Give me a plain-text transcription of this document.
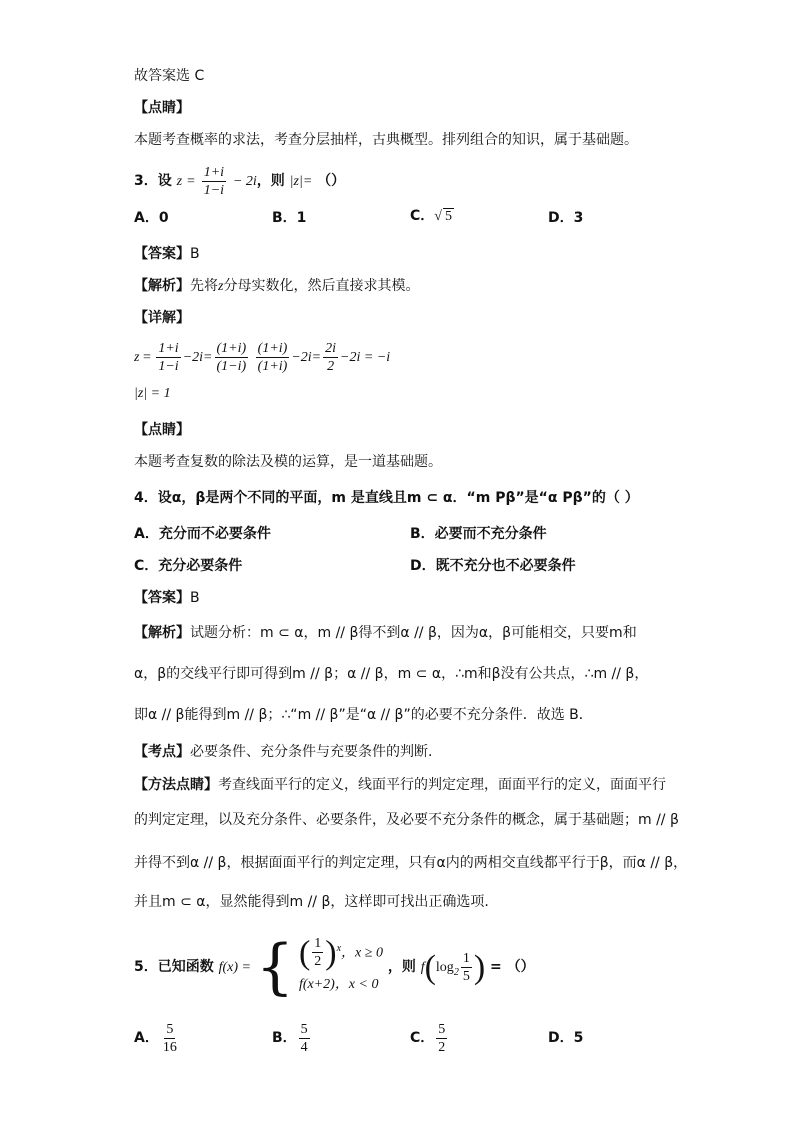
故答案选 C
【点睛】
本题考查概率的求法，考查分层抽样，古典概型。排列组合的知识，属于基础题。
3．设 $z = \frac{1+i}{1-i} - 2i$，则 |z|= （）
A．0	B．1	C．√ 5	D．3
【答案】B
【解析】先将z分母实数化，然后直接求其模。
【详解】
$z = \frac{1+i}{1-i} -2i= \frac{(1+i)}{(1-i)}$
$\frac{(1+i)}{(1+i)} -2i= \frac{2i}{2} -2i = -i$
|z| = 1
【点睛】
本题考查复数的除法及模的运算，是一道基础题。
4．设α，β是两个不同的平面，m 是直线且m ⊂ α．“m Pβ”是“α Pβ”的（ ）
A．充分而不必要条件	B．必要而不充分条件
C．充分必要条件	D．既不充分也不必要条件
【答案】B
【解析】试题分析：m ⊂ α，m // β得不到α // β，因为α，β可能相交，只要m和
α，β的交线平行即可得到m // β；α // β，m ⊂ α，∴m和β没有公共点，∴m // β，
即α // β能得到m // β；∴“m // β”是“α // β”的必要不充分条件．故选 B．
【考点】必要条件、充分条件与充要条件的判断.
【方法点睛】考查线面平行的定义，线面平行的判定定理，面面平行的定义，面面平行
的判定定理，以及充分条件、必要条件，及必要不充分条件的概念，属于基础题；m // β
并得不到α // β，根据面面平行的判定定理，只有α内的两相交直线都平行于β，而α // β，
并且m ⊂ α，显然能得到m // β，这样即可找出正确选项.
5．已知函数 f(x) = { ( $\frac{1}{2} )^x$，x ≥ 0
f(x+2)，x < 0
，则 $f(\log_2 \frac{1}{5}$ ) = （）
A． $\frac{5}{16}$	B． $\frac{5}{4}$	C． $\frac{5}{2}$	D．5
